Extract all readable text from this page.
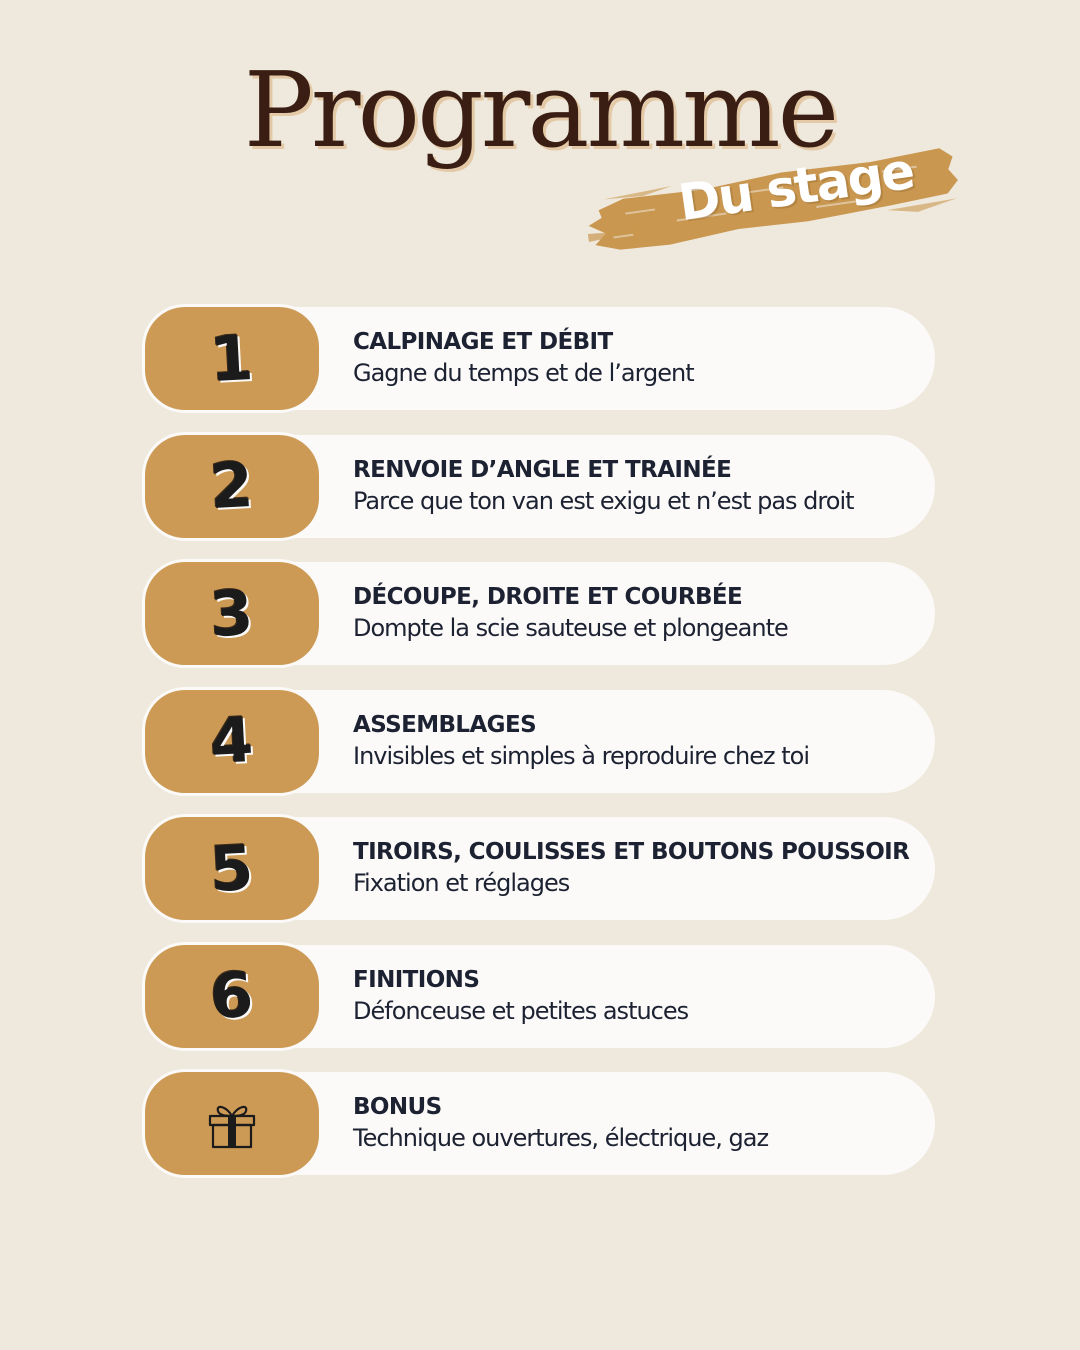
Programme
Du stage
1	CALPINAGE ET DÉBIT
Gagne du temps et de l’argent
2	RENVOIE D’ANGLE ET TRAINÉE
Parce que ton van est exigu et n’est pas droit
3	DÉCOUPE, DROITE ET COURBÉE
Dompte la scie sauteuse et plongeante
4	ASSEMBLAGES
Invisibles et simples à reproduire chez toi
5	TIROIRS, COULISSES ET BOUTONS POUSSOIR
Fixation et réglages
6	FINITIONS
Défonceuse et petites astuces
BONUS
Technique ouvertures, électrique, gaz
